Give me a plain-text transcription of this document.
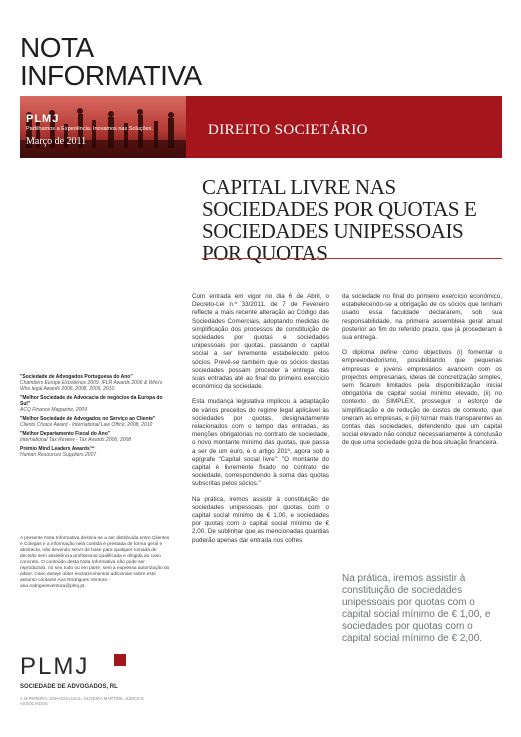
NOTA
INFORMATIVA
PLMJ
Partilhamos a Experiência. Inovamos nas Soluções.
Março de 2011
DIREITO SOCIETÁRIO
CAPITAL LIVRE NAS SOCIEDADES POR QUOTAS E SOCIEDADES UNIPESSOAIS POR QUOTAS
"Sociedade de Advogados Portuguesa do Ano"
Chambers Europe Excellence 2009, IFLR Awards 2006 & Who's Who legal Awards 2006, 2008, 2009, 2010
"Melhor Sociedade de Advocacia de negócios da Europa do Sul"
ACQ Finance Magazine, 2009
"Melhor Sociedade de Advogados no Serviço ao Cliente"
Clients Choice Award - International Law Office, 2008, 2010
"Melhor Departamento Fiscal do Ano"
International Tax Review - Tax Awards 2006, 2008
Prémio Mind Leaders Awards™
Human Resources Suppliers 2007
A presente Nota Informativa destina-se a ser distribuída entre Clientes e Colegas e a informação nela contida é prestada de forma geral e abstracta, não devendo servir de base para qualquer tomada de decisão sem assistência profissional qualificada e dirigida ao caso concreto. O conteúdo desta Nota Informativa não pode ser reproduzido, no seu todo ou em parte, sem a expressa autorização do editor. Caso deseje obter esclarecimentos adicionais sobre este assunto contacte Ana Rodrigues Ventura - ana.rodriguesventura@plmj.pt.

Com entrada em vigor no dia 6 de Abril, o Decreto-Lei n.º 33/2011, de 7 de Fevereiro reflecte a mais recente alteração ao Código das Sociedades Comerciais, adoptando medidas de simplificação dos processos de constituição de sociedades por quotas e sociedades unipessoais por quotas, passando o capital social a ser livremente estabelecido pelos sócios. Prevê-se também que os sócios destas sociedades possam proceder à entrega das suas entradas até ao final do primeiro exercício económico da sociedade.

Esta mudança legislativa implicou a adaptação de vários preceitos do regime legal aplicável às sociedades por quotas, designadamente relacionados com o tempo das entradas, as menções obrigatórias no contrato de sociedade, o novo montante mínimo das quotas, que passa a ser de um euro, e o artigo 201º, agora sob a epígrafe "Capital social livre": "O montante do capital é livremente fixado no contrato de sociedade, correspondendo à soma das quotas subscritas pelos sócios."

Na prática, iremos assistir à constituição de sociedades unipessoais por quotas com o capital social mínimo de € 1,00, e sociedades por quotas com o capital social mínimo de € 2,00. De sublinhar que as mencionadas quantias poderão apenas dar entrada nos cofres

da sociedade no final do primeiro exercício económico, estabelecendo-se a obrigação de os sócios que tenham usado essa faculdade declararem, sob sua responsabilidade, na primeira assembleia geral anual posterior ao fim do referido prazo, que já procederam à sua entrega.

O diploma define como objectivos (i) fomentar o empreendedorismo, possibilitando que pequenas empresas e jovens empresários avancem com os projectos empresariais, ideias de concretização simples, sem ficarem limitados pela disponibilização inicial obrigatória de capital social mínimo elevado, (ii) no contexto do SIMPLEX, prosseguir o esforço de simplificação e de redução de custos de contexto, que oneram as empresas, e (iii) tornar mais transparentes as contas das sociedades, defendendo que um capital social elevado não conduz necessariamente à conclusão de que uma sociedade goza de boa situação financeira.

Na prática, iremos assistir à constituição de sociedades unipessoais por quotas com o capital social mínimo de € 1,00, e sociedades por quotas com o capital social mínimo de € 2,00.
PLMJ
SOCIEDADE DE ADVOGADOS, RL
A.M.PEREIRA, SÁRAGGA LEAL, OLIVEIRA MARTINS, JÚDICE E ASSOCIADOS
